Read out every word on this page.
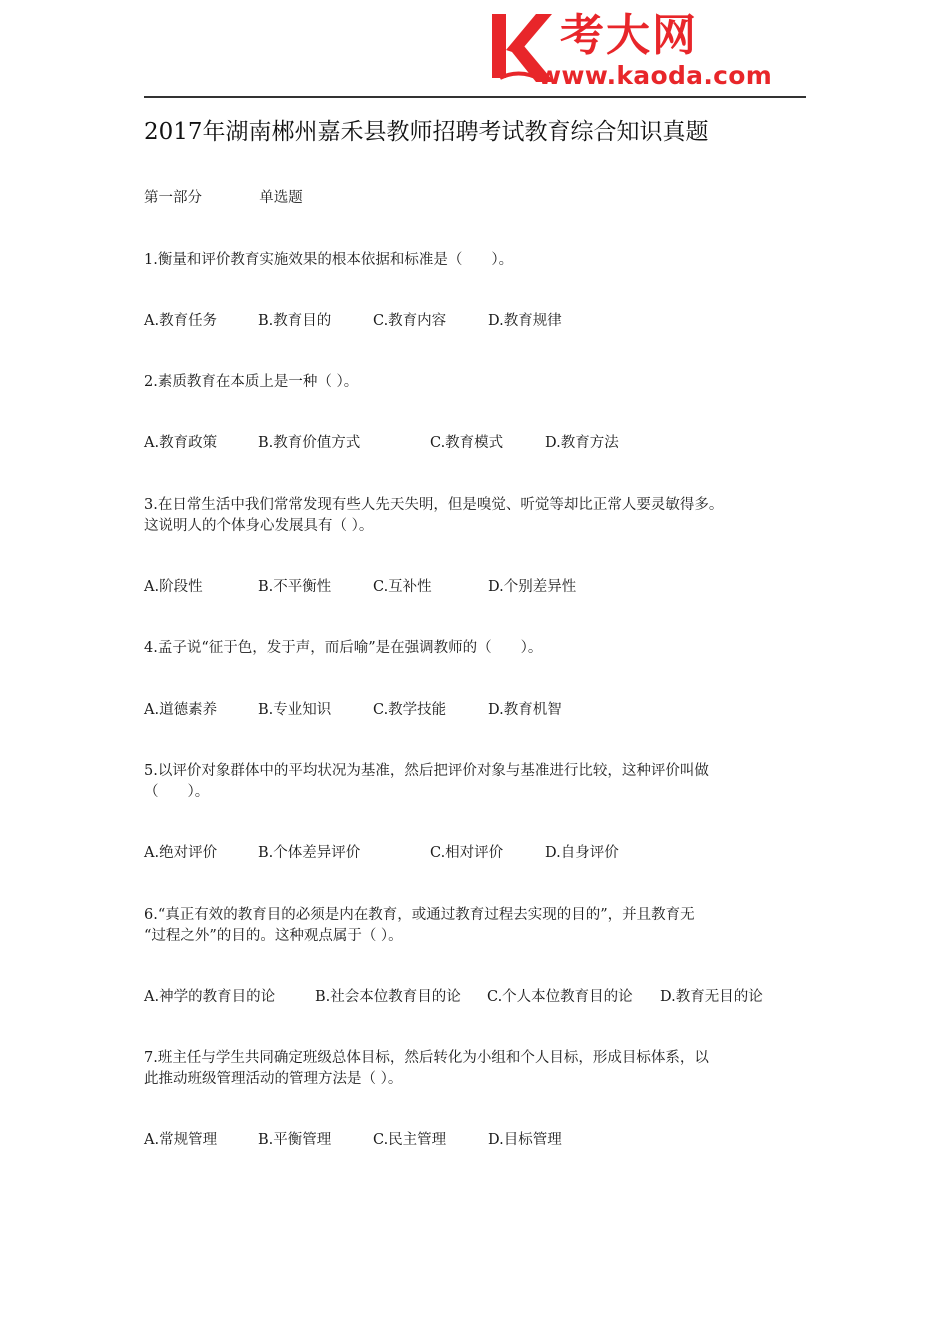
考大网
www.kaoda.com
2017年湖南郴州嘉禾县教师招聘考试教育综合知识真题
第一部分	单选题
1.衡量和评价教育实施效果的根本依据和标准是（　　）。
A.教育任务	B.教育目的	C.教育内容	D.教育规律
2.素质教育在本质上是一种（ ）。
A.教育政策	B.教育价值方式	C.教育模式	D.教育方法
3.在日常生活中我们常常发现有些人先天失明，但是嗅觉、听觉等却比正常人要灵敏得多。
这说明人的个体身心发展具有（ ）。
A.阶段性	B.不平衡性	C.互补性	D.个别差异性
4.孟子说“征于色，发于声，而后喻”是在强调教师的（　　）。
A.道德素养	B.专业知识	C.教学技能	D.教育机智
5.以评价对象群体中的平均状况为基准，然后把评价对象与基准进行比较，这种评价叫做
（　　）。
A.绝对评价	B.个体差异评价	C.相对评价	D.自身评价
6.“真正有效的教育目的必须是内在教育，或通过教育过程去实现的目的”，并且教育无
“过程之外”的目的。这种观点属于（ ）。
A.神学的教育目的论	B.社会本位教育目的论 C.个人本位教育目的论 D.教育无目的论
7.班主任与学生共同确定班级总体目标，然后转化为小组和个人目标，形成目标体系，以
此推动班级管理活动的管理方法是（ ）。
A.常规管理	B.平衡管理	C.民主管理	D.目标管理
